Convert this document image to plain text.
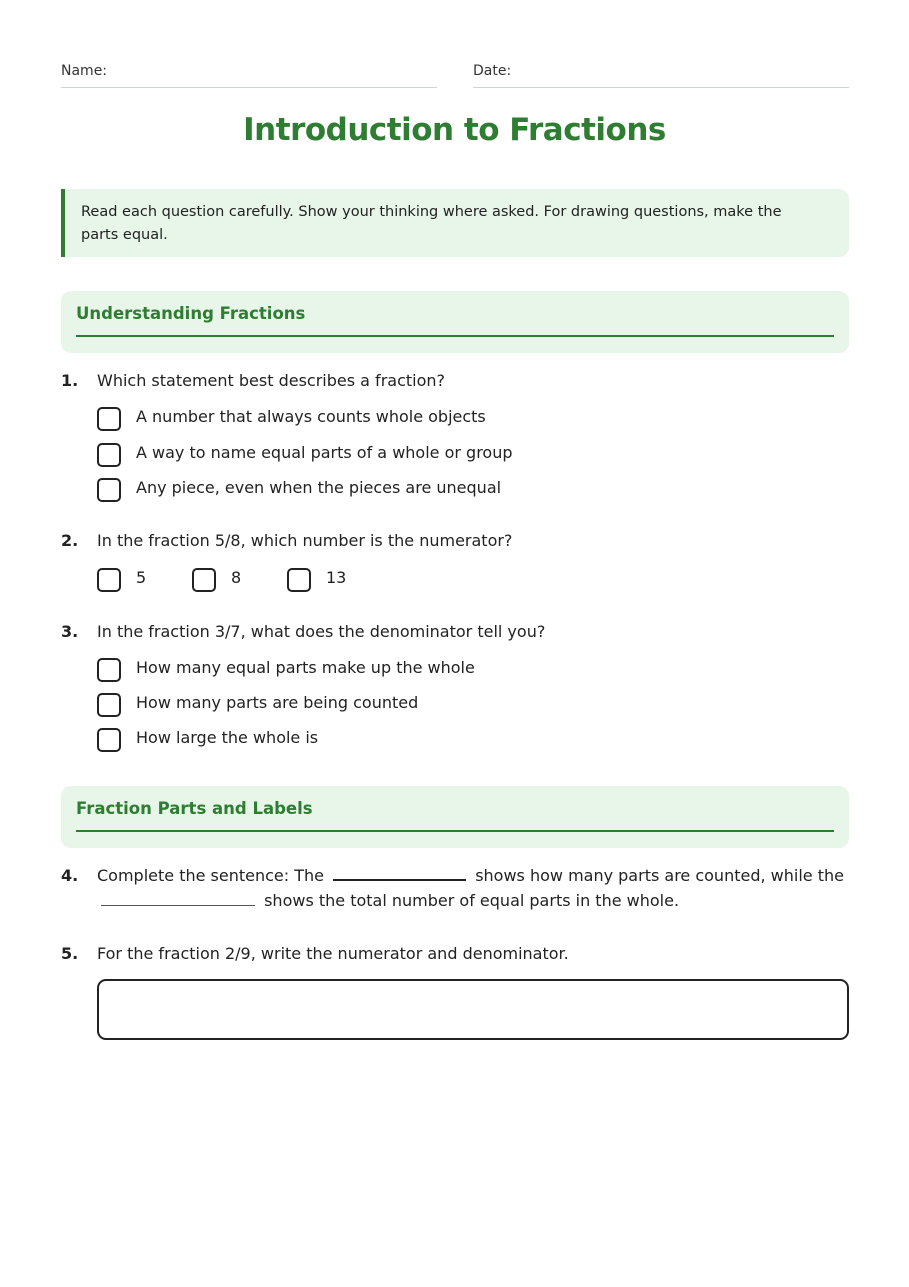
Name:	Date:
Introduction to Fractions
Read each question carefully. Show your thinking where asked. For drawing questions, make the parts equal.
Understanding Fractions
1. Which statement best describes a fraction?
A number that always counts whole objects
A way to name equal parts of a whole or group
Any piece, even when the pieces are unequal
2. In the fraction 5/8, which number is the numerator?
5	8	13
3. In the fraction 3/7, what does the denominator tell you?
How many equal parts make up the whole
How many parts are being counted
How large the whole is
Fraction Parts and Labels
4. Complete the sentence: The	shows how many parts are counted, while the
shows the total number of equal parts in the whole.
5. For the fraction 2/9, write the numerator and denominator.
